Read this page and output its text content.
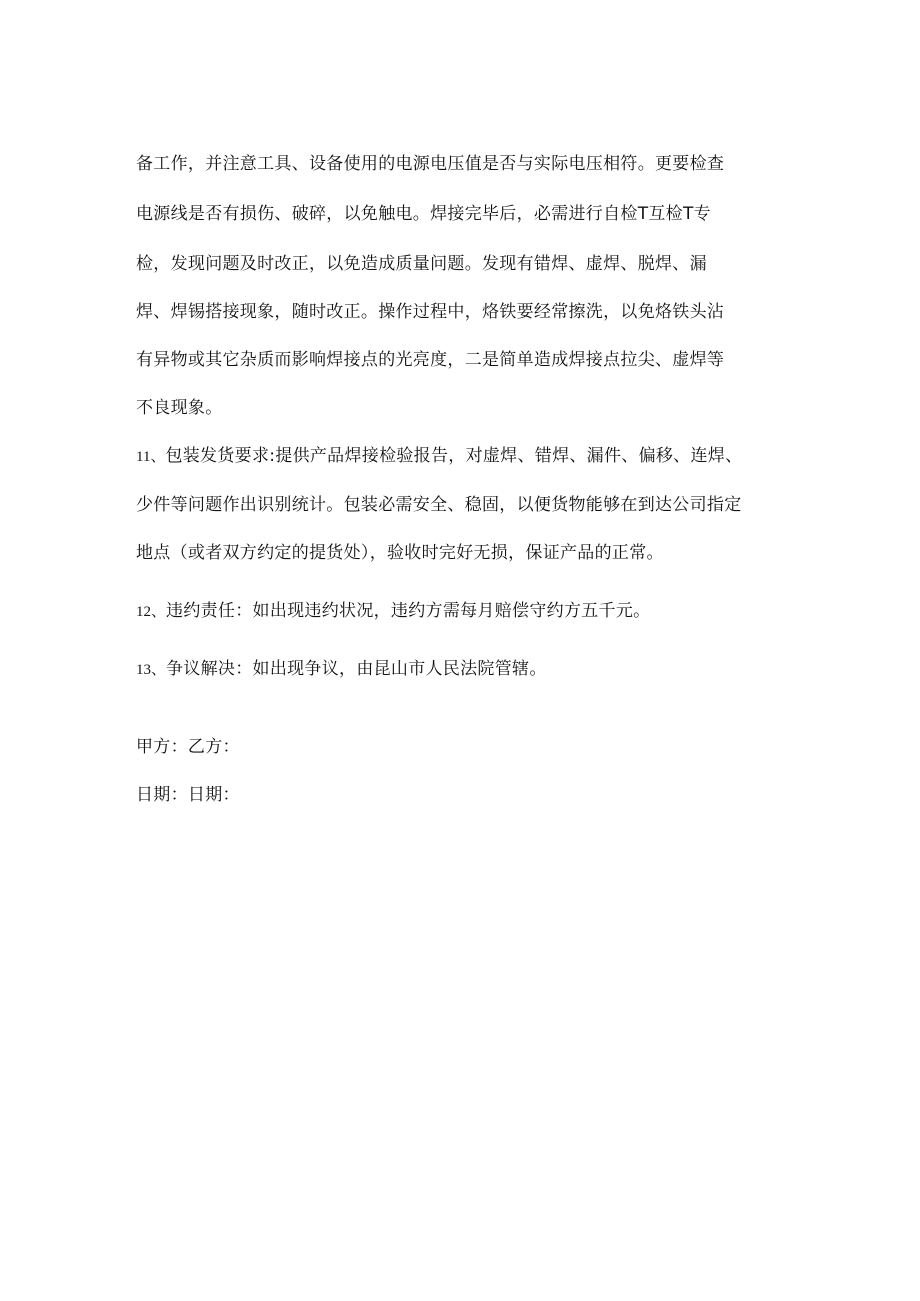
备工作，并注意工具、设备使用的电源电压值是否与实际电压相符。更要检查
电源线是否有损伤、破碎，以免触电。焊接完毕后，必需进行自检T互检T专
检，发现问题及时改正，以免造成质量问题。发现有错焊、虚焊、脱焊、漏
焊、焊锡搭接现象，随时改正。操作过程中，烙铁要经常擦洗，以免烙铁头沾
有异物或其它杂质而影响焊接点的光亮度，二是简单造成焊接点拉尖、虚焊等
不良现象。
11、包装发货要求:提供产品焊接检验报告，对虚焊、错焊、漏件、偏移、连焊、
少件等问题作出识别统计。包装必需安全、稳固，以便货物能够在到达公司指定
地点（或者双方约定的提货处），验收时完好无损，保证产品的正常。
12、违约责任：如出现违约状况，违约方需每月赔偿守约方五千元。
13、争议解决：如出现争议，由昆山市人民法院管辖。
甲方：乙方：
日期：日期：
